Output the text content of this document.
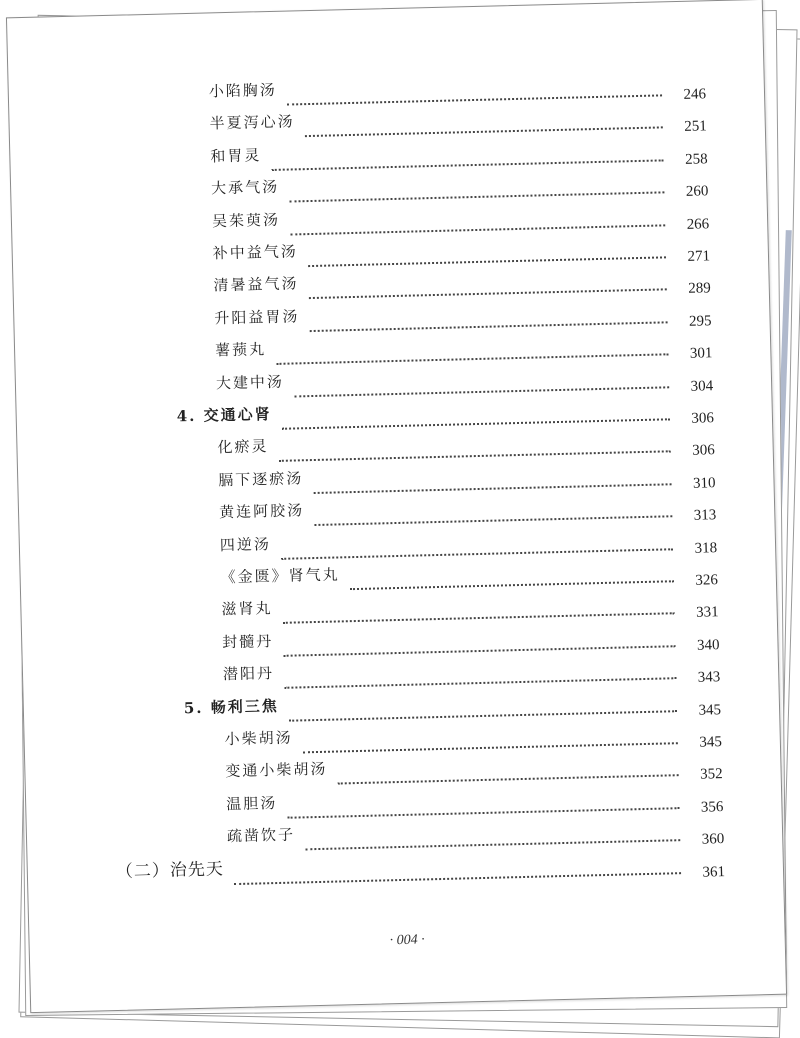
小陷胸汤	246
半夏泻心汤	251
和胃灵	258
大承气汤	260
吴茱萸汤	266
补中益气汤	271
清暑益气汤	289
升阳益胃汤	295
薯蓣丸	301
大建中汤	304
4. 交通心肾	306
化瘀灵	306
膈下逐瘀汤	310
黄连阿胶汤	313
四逆汤	318
《金匮》肾气丸	326
滋肾丸	331
封髓丹	340
潜阳丹	343
5. 畅利三焦	345
小柴胡汤	345
变通小柴胡汤	352
温胆汤	356
疏凿饮子	360
（二）治先天	361
· 004 ·
